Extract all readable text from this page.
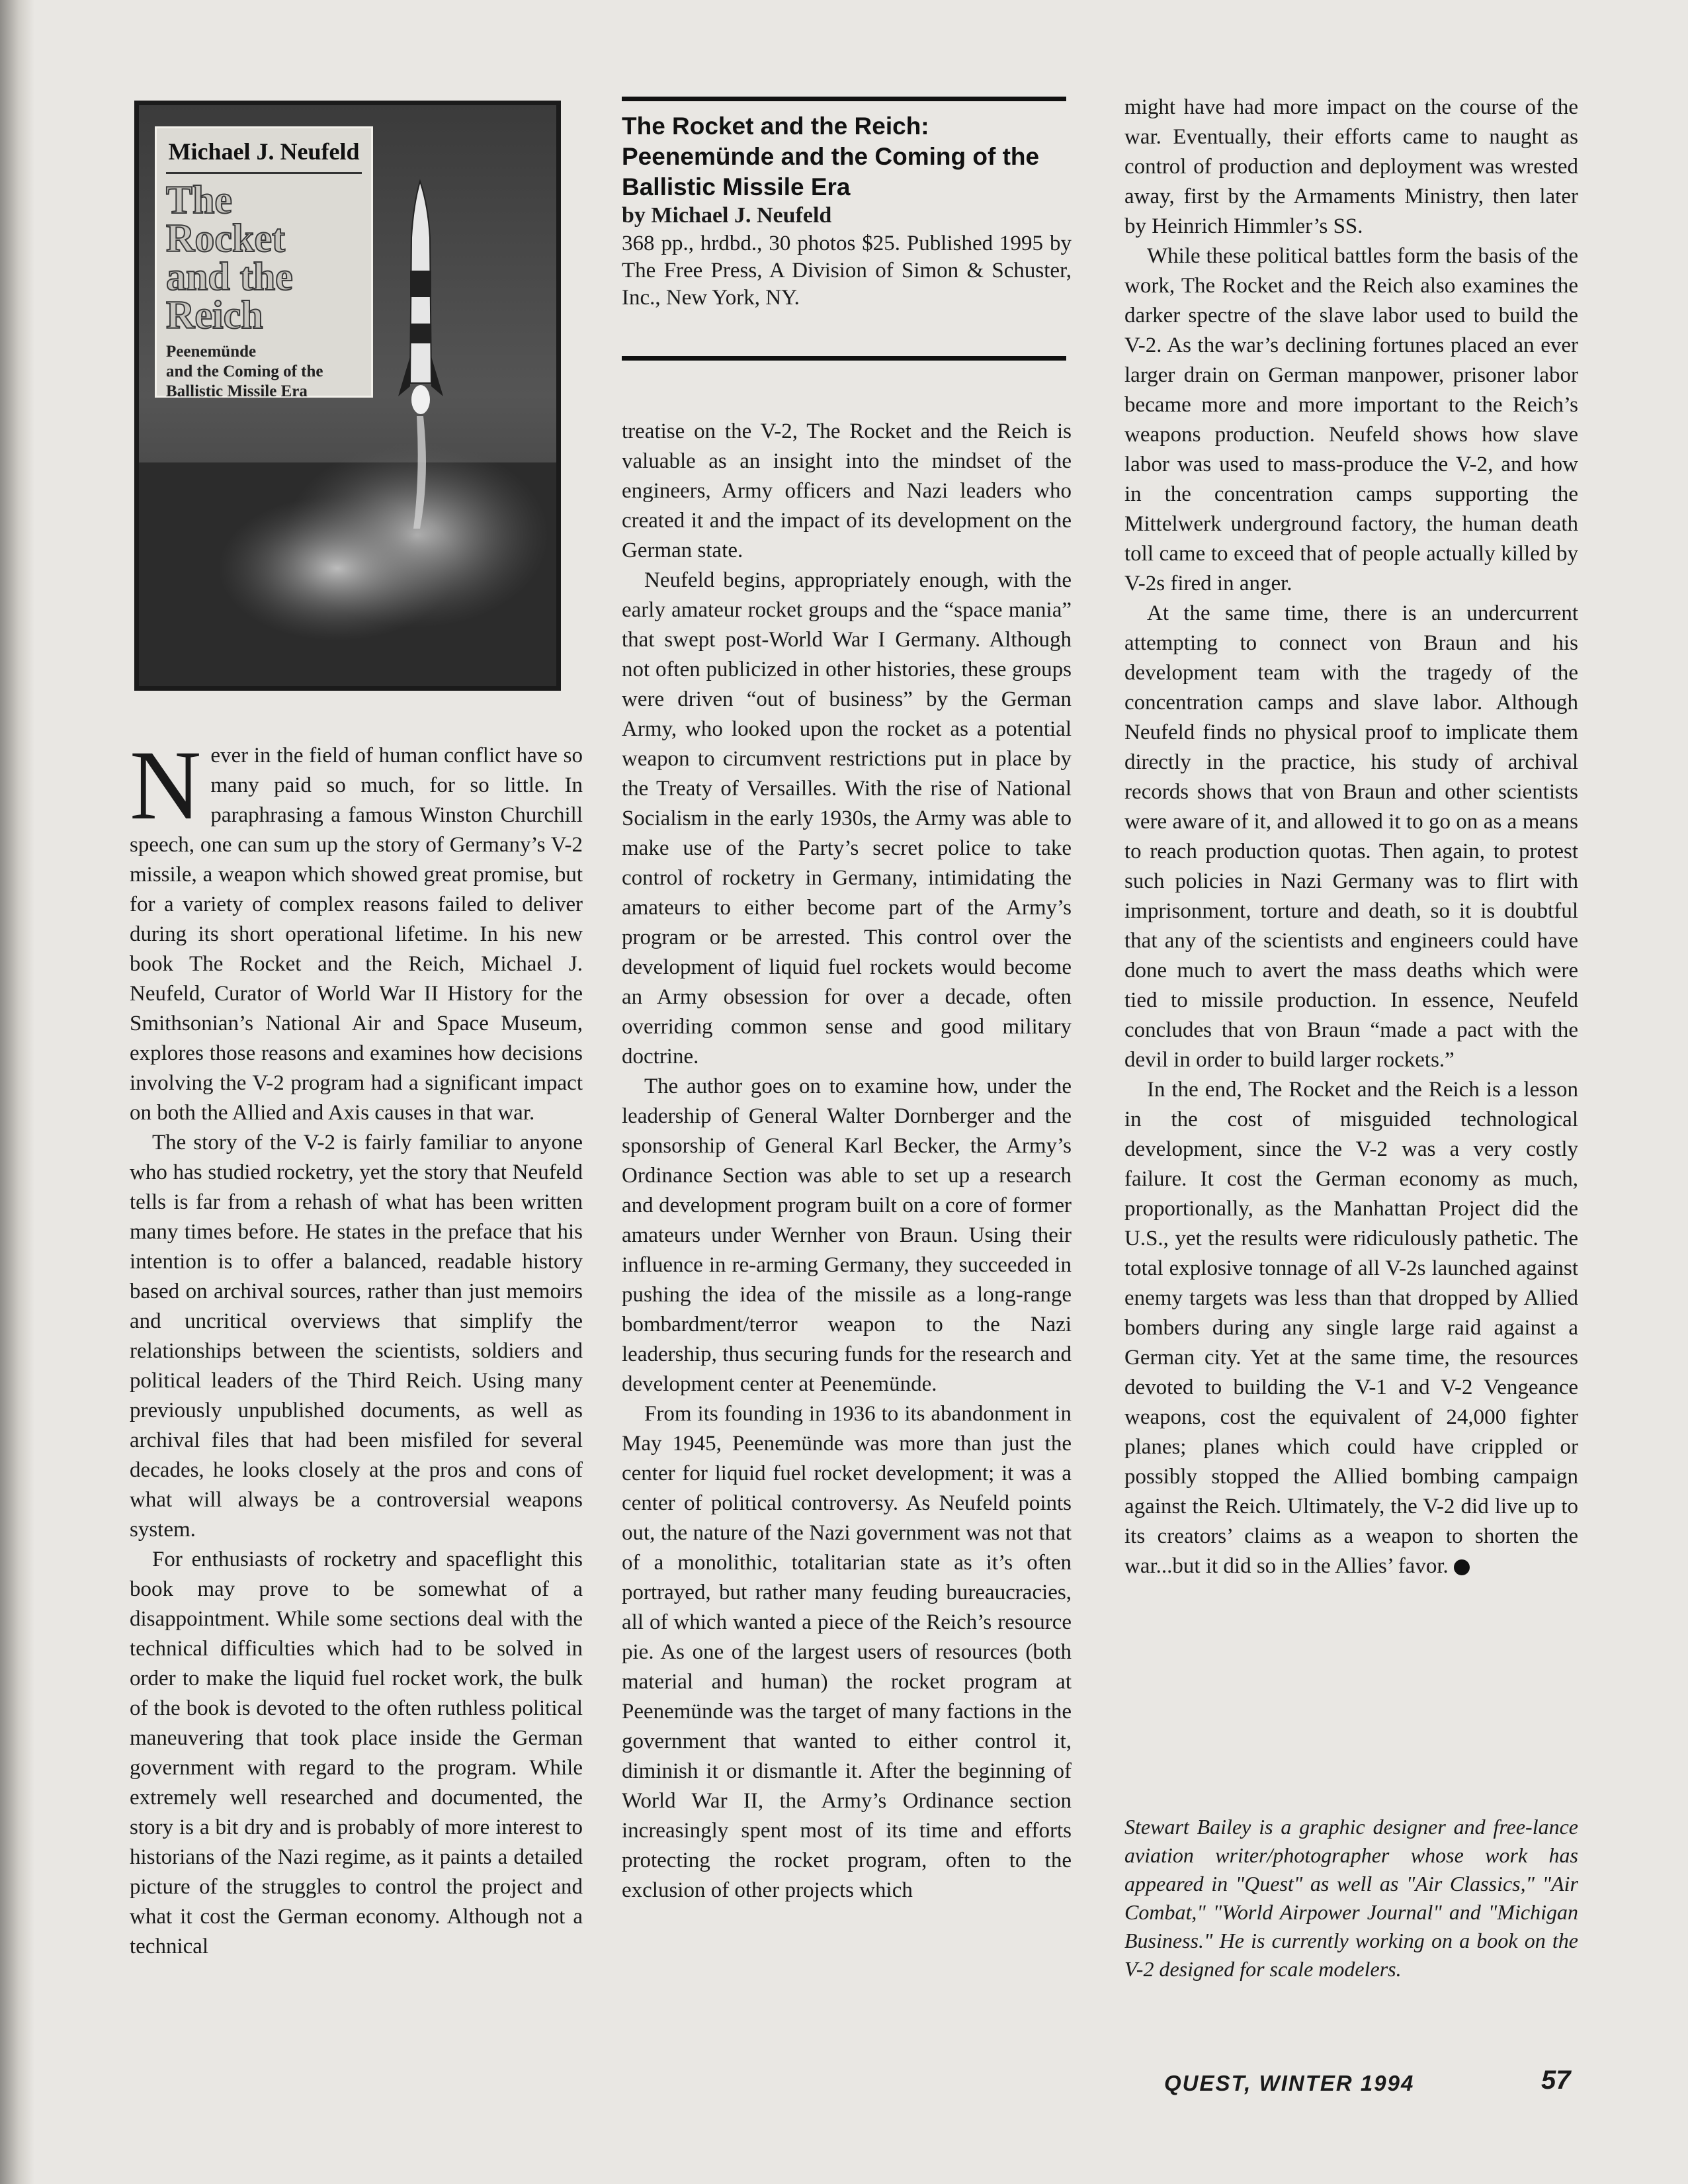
Michael J. Neufeld
The
Rocket
and the
Reich
Peenemünde
and the Coming of the
Ballistic Missile Era
The Rocket and the Reich: Peenemünde and the Coming of the Ballistic Missile Era
by Michael J. Neufeld
368 pp., hrdbd., 30 photos $25. Published 1995 by The Free Press, A Division of Simon & Schuster, Inc., New York, NY.

Never in the field of human conflict have so many paid so much, for so little. In paraphrasing a famous Winston Churchill speech, one can sum up the story of Germany’s V-2 missile, a weapon which showed great promise, but for a variety of complex reasons failed to deliver during its short operational lifetime. In his new book The Rocket and the Reich, Michael J. Neufeld, Curator of World War II History for the Smithsonian’s National Air and Space Museum, explores those reasons and examines how decisions involving the V-2 program had a significant impact on both the Allied and Axis causes in that war.

The story of the V-2 is fairly familiar to anyone who has studied rocketry, yet the story that Neufeld tells is far from a rehash of what has been written many times before. He states in the preface that his intention is to offer a balanced, readable history based on archival sources, rather than just memoirs and uncritical overviews that simplify the relationships between the scientists, soldiers and political leaders of the Third Reich. Using many previously unpublished documents, as well as archival files that had been misfiled for several decades, he looks closely at the pros and cons of what will always be a controversial weapons system.

For enthusiasts of rocketry and spaceflight this book may prove to be somewhat of a disappointment. While some sections deal with the technical difficulties which had to be solved in order to make the liquid fuel rocket work, the bulk of the book is devoted to the often ruthless political maneuvering that took place inside the German government with regard to the program. While extremely well researched and documented, the story is a bit dry and is probably of more interest to historians of the Nazi regime, as it paints a detailed picture of the struggles to control the project and what it cost the German economy. Although not a technical

treatise on the V-2, The Rocket and the Reich is valuable as an insight into the mindset of the engineers, Army officers and Nazi leaders who created it and the impact of its development on the German state.

Neufeld begins, appropriately enough, with the early amateur rocket groups and the “space mania” that swept post-World War I Germany. Although not often publicized in other histories, these groups were driven “out of business” by the German Army, who looked upon the rocket as a potential weapon to circumvent restrictions put in place by the Treaty of Versailles. With the rise of National Socialism in the early 1930s, the Army was able to make use of the Party’s secret police to take control of rocketry in Germany, intimidating the amateurs to either become part of the Army’s program or be arrested. This control over the development of liquid fuel rockets would become an Army obsession for over a decade, often overriding common sense and good military doctrine.

The author goes on to examine how, under the leadership of General Walter Dornberger and the sponsorship of General Karl Becker, the Army’s Ordinance Section was able to set up a research and development program built on a core of former amateurs under Wernher von Braun. Using their influence in re-arming Germany, they succeeded in pushing the idea of the missile as a long-range bombardment/terror weapon to the Nazi leadership, thus securing funds for the research and development center at Peenemünde.

From its founding in 1936 to its abandonment in May 1945, Peenemünde was more than just the center for liquid fuel rocket development; it was a center of political controversy. As Neufeld points out, the nature of the Nazi government was not that of a monolithic, totalitarian state as it’s often portrayed, but rather many feuding bureaucracies, all of which wanted a piece of the Reich’s resource pie. As one of the largest users of resources (both material and human) the rocket program at Peenemünde was the target of many factions in the government that wanted to either control it, diminish it or dismantle it. After the beginning of World War II, the Army’s Ordinance section increasingly spent most of its time and efforts protecting the rocket program, often to the exclusion of other projects which

might have had more impact on the course of the war. Eventually, their efforts came to naught as control of production and deployment was wrested away, first by the Armaments Ministry, then later by Heinrich Himmler’s SS.

While these political battles form the basis of the work, The Rocket and the Reich also examines the darker spectre of the slave labor used to build the V-2. As the war’s declining fortunes placed an ever larger drain on German manpower, prisoner labor became more and more important to the Reich’s weapons production. Neufeld shows how slave labor was used to mass-produce the V-2, and how in the concentration camps supporting the Mittelwerk underground factory, the human death toll came to exceed that of people actually killed by V-2s fired in anger.

At the same time, there is an undercurrent attempting to connect von Braun and his development team with the tragedy of the concentration camps and slave labor. Although Neufeld finds no physical proof to implicate them directly in the practice, his study of archival records shows that von Braun and other scientists were aware of it, and allowed it to go on as a means to reach production quotas. Then again, to protest such policies in Nazi Germany was to flirt with imprisonment, torture and death, so it is doubtful that any of the scientists and engineers could have done much to avert the mass deaths which were tied to missile production. In essence, Neufeld concludes that von Braun “made a pact with the devil in order to build larger rockets.”

In the end, The Rocket and the Reich is a lesson in the cost of misguided technological development, since the V-2 was a very costly failure. It cost the German economy as much, proportionally, as the Manhattan Project did the U.S., yet the results were ridiculously pathetic. The total explosive tonnage of all V-2s launched against enemy targets was less than that dropped by Allied bombers during any single large raid against a German city. Yet at the same time, the resources devoted to building the V-1 and V-2 Vengeance weapons, cost the equivalent of 24,000 fighter planes; planes which could have crippled or possibly stopped the Allied bombing campaign against the Reich. Ultimately, the V-2 did live up to its creators’ claims as a weapon to shorten the war...but it did so in the Allies’ favor.

Stewart Bailey is a graphic designer and free-lance aviation writer/photographer whose work has appeared in "Quest" as well as "Air Classics," "Air Combat," "World Airpower Journal" and "Michigan Business." He is currently working on a book on the V-2 designed for scale modelers.
QUEST, WINTER 1994	57
